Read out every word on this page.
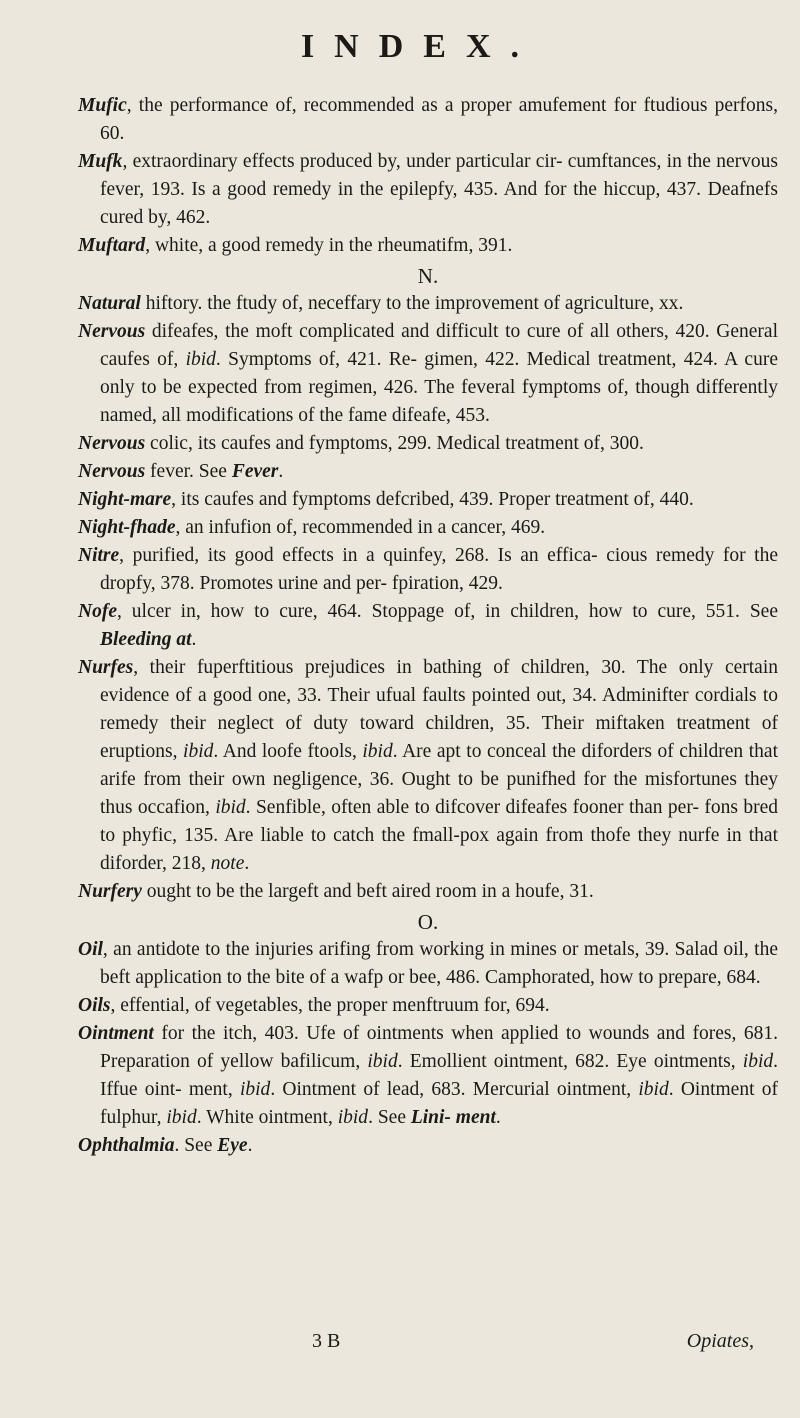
INDEX.

Mufic, the performance of, recommended as a proper amufement for ftudious perfons, 60.

Mufk, extraordinary effects produced by, under particular cir- cumftances, in the nervous fever, 193. Is a good remedy in the epilepfy, 435. And for the hiccup, 437. Deafnefs cured by, 462.

Muftard, white, a good remedy in the rheumatifm, 391.

N.

Natural hiftory. the ftudy of, neceffary to the improvement of agriculture, xx.

Nervous difeafes, the moft complicated and difficult to cure of all others, 420. General caufes of, ibid. Symptoms of, 421. Re- gimen, 422. Medical treatment, 424. A cure only to be expected from regimen, 426. The feveral fymptoms of, though differently named, all modifications of the fame difeafe, 453.

Nervous colic, its caufes and fymptoms, 299. Medical treatment of, 300.

Nervous fever. See Fever.

Night-mare, its caufes and fymptoms defcribed, 439. Proper treatment of, 440.

Night-fhade, an infufion of, recommended in a cancer, 469.

Nitre, purified, its good effects in a quinfey, 268. Is an effica- cious remedy for the dropfy, 378. Promotes urine and per- fpiration, 429.

Nofe, ulcer in, how to cure, 464. Stoppage of, in children, how to cure, 551. See Bleeding at.

Nurfes, their fuperftitious prejudices in bathing of children, 30. The only certain evidence of a good one, 33. Their ufual faults pointed out, 34. Adminifter cordials to remedy their neglect of duty toward children, 35. Their miftaken treatment of eruptions, ibid. And loofe ftools, ibid. Are apt to conceal the diforders of children that arife from their own negligence, 36. Ought to be punifhed for the misfortunes they thus occafion, ibid. Senfible, often able to difcover difeafes fooner than per- fons bred to phyfic, 135. Are liable to catch the fmall-pox again from thofe they nurfe in that diforder, 218, note.

Nurfery ought to be the largeft and beft aired room in a houfe, 31.

O.

Oil, an antidote to the injuries arifing from working in mines or metals, 39. Salad oil, the beft application to the bite of a wafp or bee, 486. Camphorated, how to prepare, 684.

Oils, effential, of vegetables, the proper menftruum for, 694.

Ointment for the itch, 403. Ufe of ointments when applied to wounds and fores, 681. Preparation of yellow bafilicum, ibid. Emollient ointment, 682. Eye ointments, ibid. Iffue oint- ment, ibid. Ointment of lead, 683. Mercurial ointment, ibid. Ointment of fulphur, ibid. White ointment, ibid. See Lini- ment.

Ophthalmia. See Eye.

3 B	Opiates,
